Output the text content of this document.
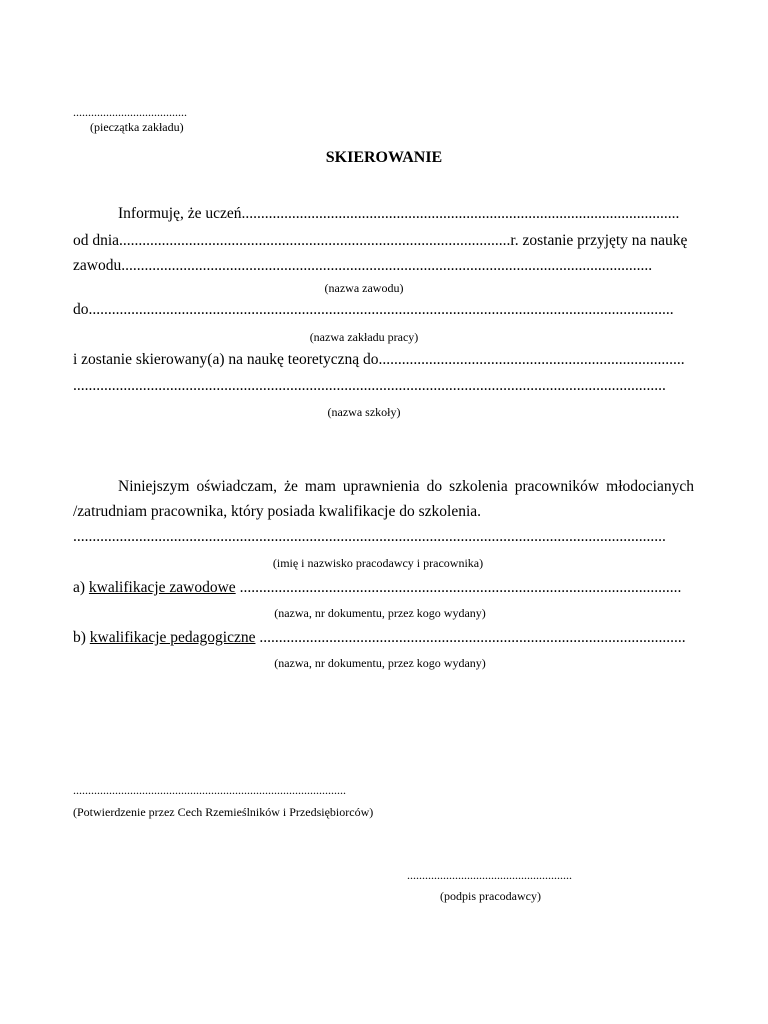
......................................
(pieczątka zakładu)
SKIEROWANIE
Informuję, że uczeń.................................................................................................................
od dnia.....................................................................................................r. zostanie przyjęty na naukę
zawodu.........................................................................................................................................
(nazwa zawodu)
do.......................................................................................................................................................
(nazwa zakładu pracy)
i zostanie skierowany(a) na naukę teoretyczną do...............................................................................
.........................................................................................................................................................
(nazwa szkoły)
Niniejszym oświadczam, że mam uprawnienia do szkolenia pracowników młodocianych
/zatrudniam pracownika, który posiada kwalifikacje do szkolenia.
.........................................................................................................................................................
(imię i nazwisko pracodawcy i pracownika)
a) kwalifikacje zawodowe ..................................................................................................................
(nazwa, nr dokumentu, przez kogo wydany)
b) kwalifikacje pedagogiczne ..............................................................................................................
(nazwa, nr dokumentu, przez kogo wydany)
...........................................................................................
(Potwierdzenie przez Cech Rzemieślników i Przedsiębiorców)
.......................................................
(podpis pracodawcy)
